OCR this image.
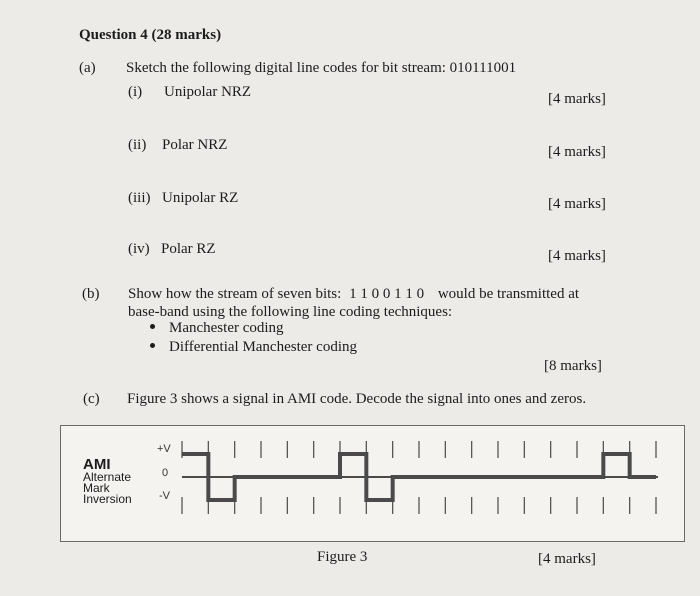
Question 4 (28 marks)
(a) Sketch the following digital line codes for bit stream: 010111001
(i) Unipolar NRZ	[4 marks]
(ii) Polar NRZ	[4 marks]
(iii) Unipolar RZ	[4 marks]
(iv) Polar RZ	[4 marks]
(b) Show how the stream of seven bits: 1 1 0 0 1 1 0 would be transmitted at
base-band using the following line coding techniques:
Manchester coding
Differential Manchester coding
[8 marks]
(c) Figure 3 shows a signal in AMI code. Decode the signal into ones and zeros.
AMI
Alternate
Mark
Inversion
+V
0
-V
Figure 3	[4 marks]
